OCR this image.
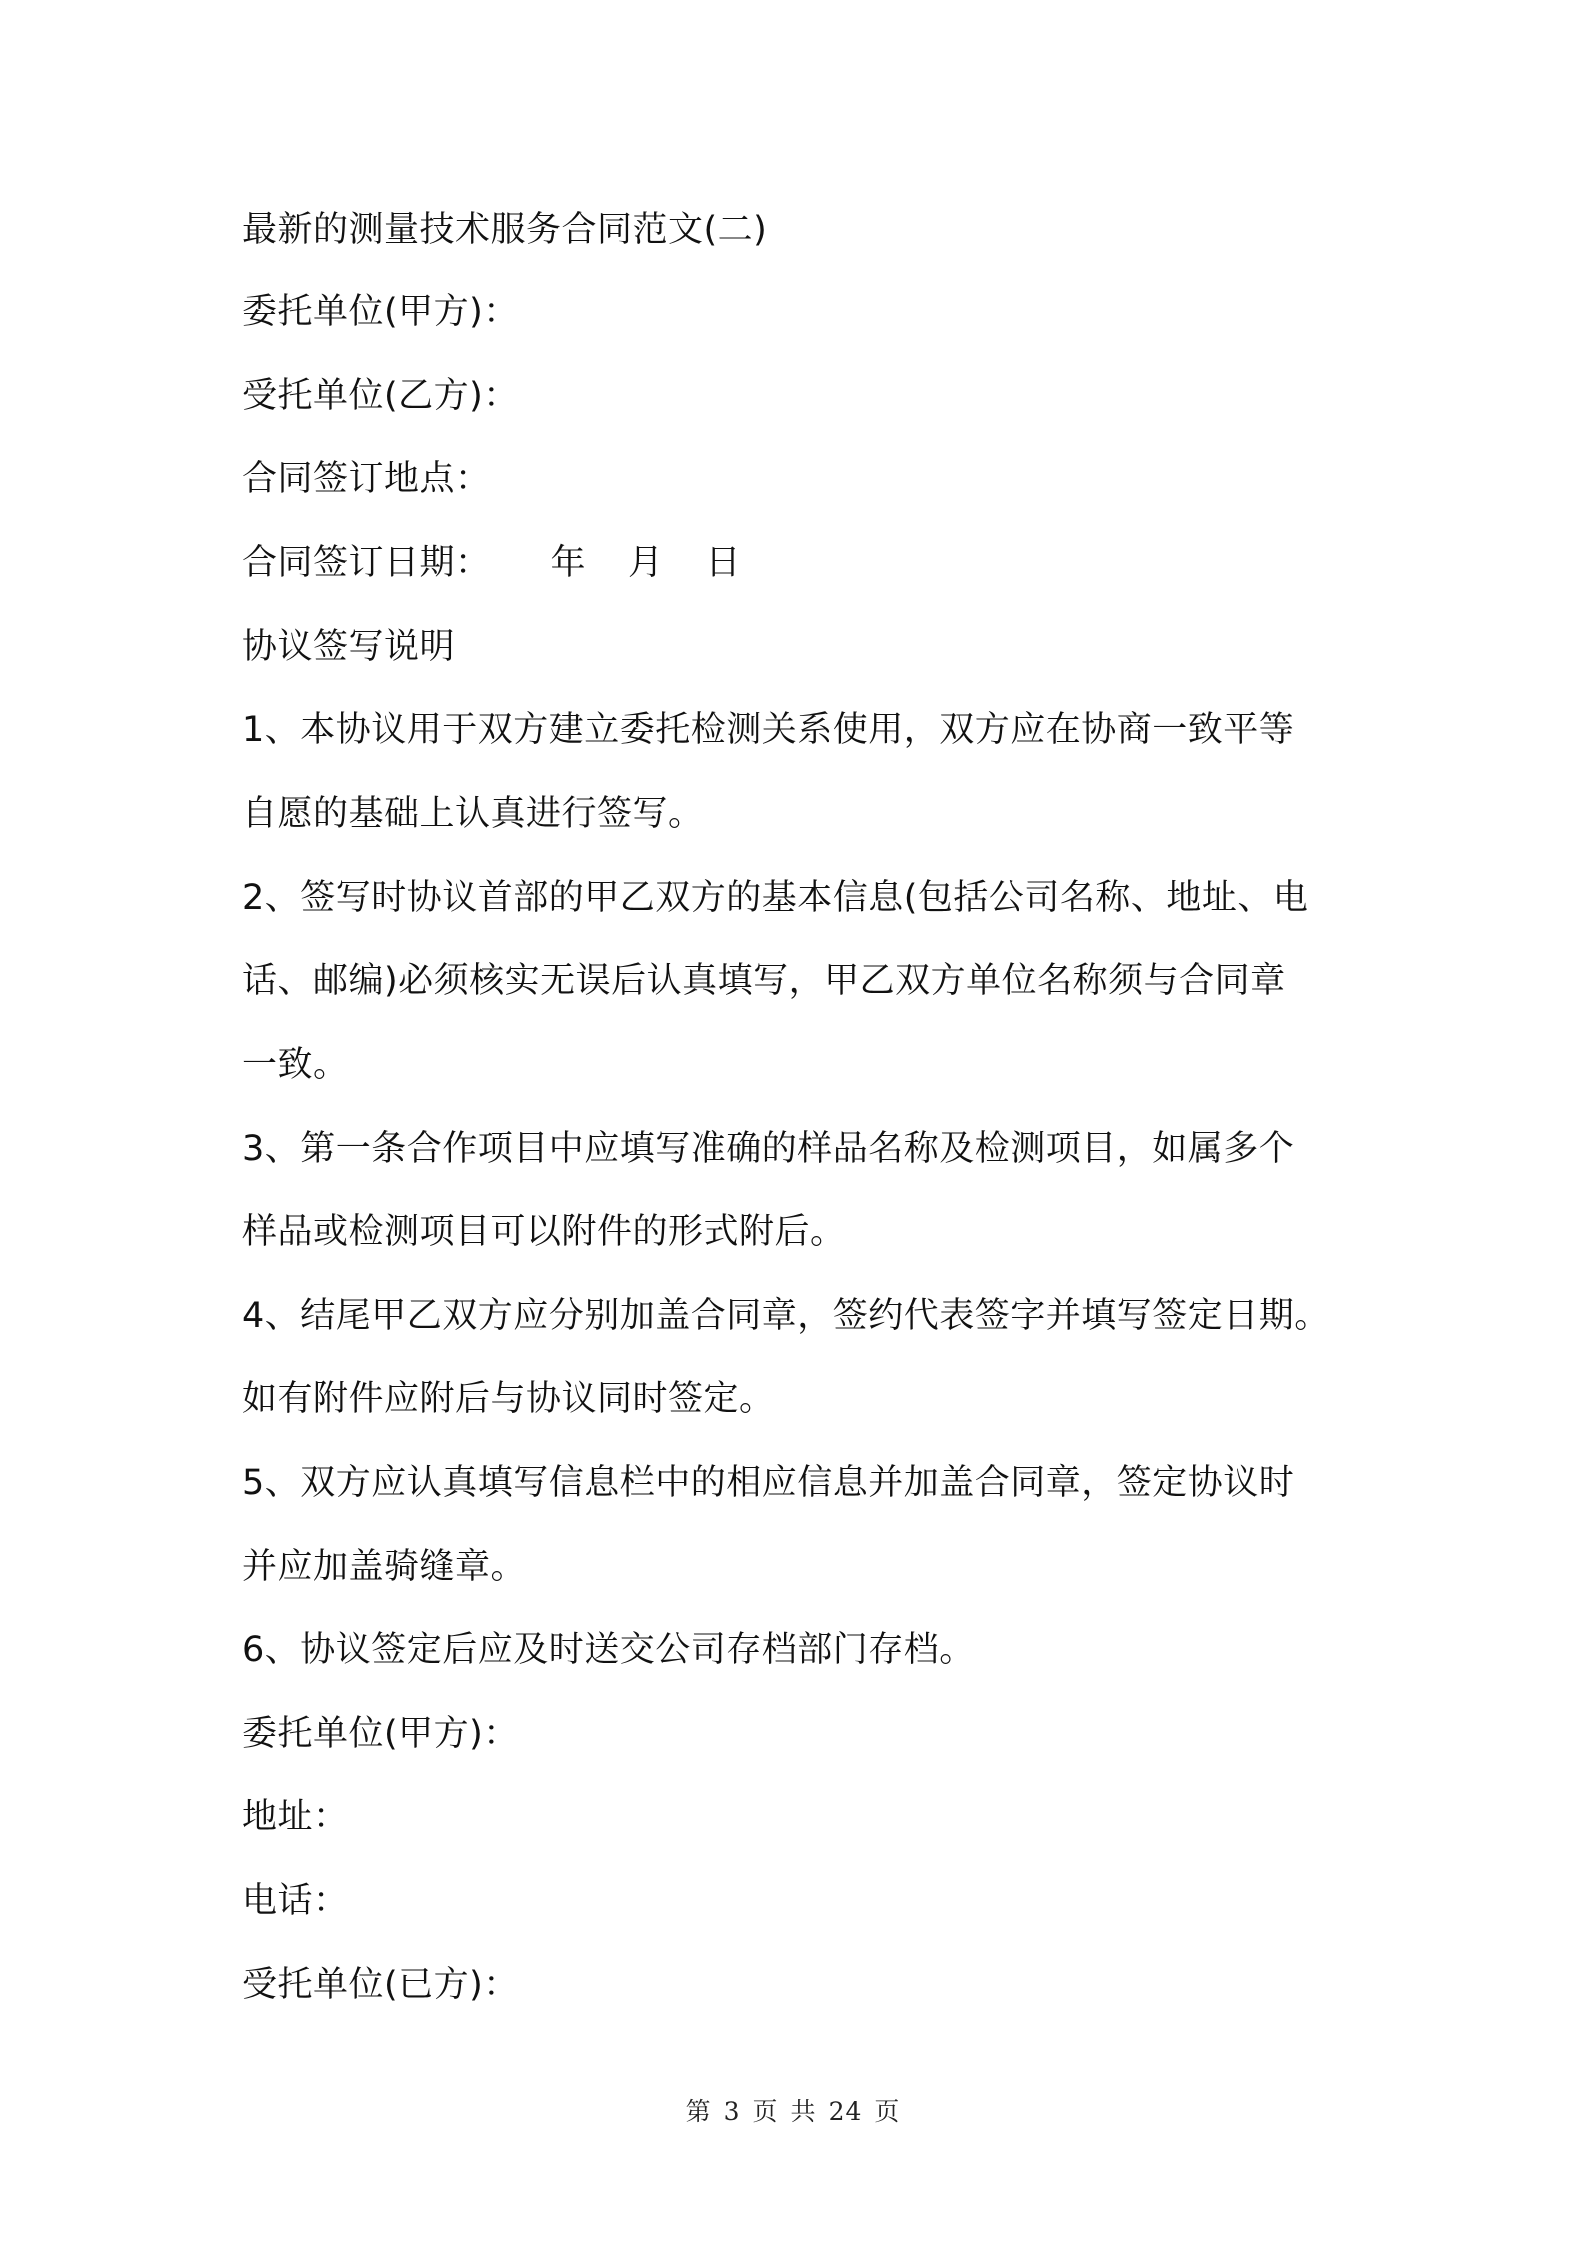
最新的测量技术服务合同范文(二)
委托单位(甲方)：
受托单位(乙方)：
合同签订地点：
合同签订日期： 年 月 日
协议签写说明
1、本协议用于双方建立委托检测关系使用，双方应在协商一致平等
自愿的基础上认真进行签写。
2、签写时协议首部的甲乙双方的基本信息(包括公司名称、地址、电
话、邮编)必须核实无误后认真填写，甲乙双方单位名称须与合同章
一致。
3、第一条合作项目中应填写准确的样品名称及检测项目，如属多个
样品或检测项目可以附件的形式附后。
4、结尾甲乙双方应分别加盖合同章，签约代表签字并填写签定日期。
如有附件应附后与协议同时签定。
5、双方应认真填写信息栏中的相应信息并加盖合同章，签定协议时
并应加盖骑缝章。
6、协议签定后应及时送交公司存档部门存档。
委托单位(甲方)：
地址：
电话：
受托单位(已方)：
第 3 页 共 24 页
